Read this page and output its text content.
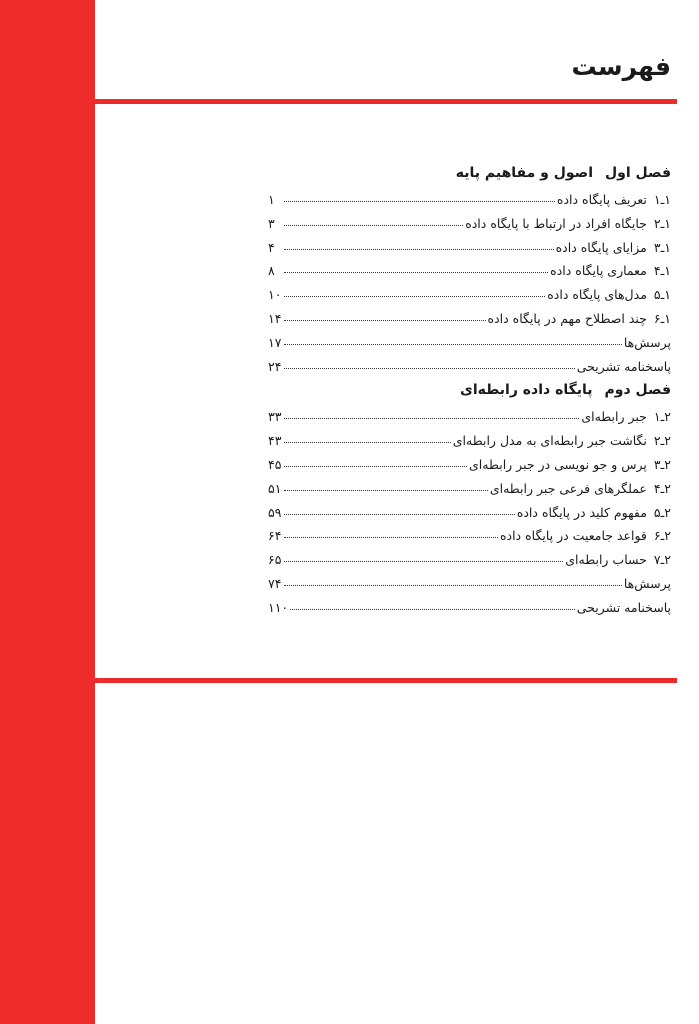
فهرست
فصل اول
اصول و مفاهیم پایه
۱ـ۱
تعریف پایگاه داده
۱
۱ـ۲
جایگاه افراد در ارتباط با پایگاه داده
۳
۱ـ۳
مزایای پایگاه داده
۴
۱ـ۴
معماری پایگاه داده
۸
۱ـ۵
مدل‌های پایگاه داده
۱۰
۱ـ۶
چند اصطلاح مهم در پایگاه داده
۱۴
پرسش‌ها
۱۷
پاسخنامه تشریحی
۲۴
فصل دوم
پایگاه داده رابطه‌ای
۲ـ۱
جبر رابطه‌ای
۳۳
۲ـ۲
نگاشت جبر رابطه‌ای به مدل رابطه‌ای
۴۳
۲ـ۳
پرس و جو نویسی در جبر رابطه‌ای
۴۵
۲ـ۴
عملگرهای فرعی جبر رابطه‌ای
۵۱
۲ـ۵
مفهوم کلید در پایگاه داده
۵۹
۲ـ۶
قواعد جامعیت در پایگاه داده
۶۴
۲ـ۷
حساب رابطه‌ای
۶۵
پرسش‌ها
۷۴
پاسخنامه تشریحی
۱۱۰
